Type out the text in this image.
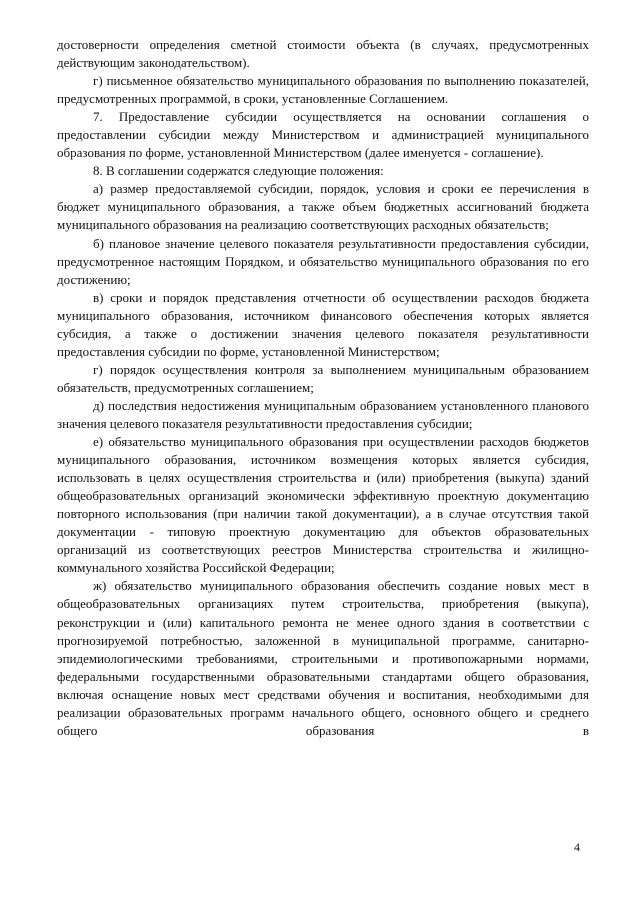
достоверности определения сметной стоимости объекта (в случаях, предусмотренных действующим законодательством).

г) письменное обязательство муниципального образования по выполнению показателей, предусмотренных программой, в сроки, установленные Соглашением.

7. Предоставление субсидии осуществляется на основании соглашения о предоставлении субсидии между Министерством и администрацией муниципального образования по форме, установленной Министерством (далее именуется - соглашение).

8. В соглашении содержатся следующие положения:

а) размер предоставляемой субсидии, порядок, условия и сроки ее перечисления в бюджет муниципального образования, а также объем бюджетных ассигнований бюджета муниципального образования на реализацию соответствующих расходных обязательств;

б) плановое значение целевого показателя результативности предоставления субсидии, предусмотренное настоящим Порядком, и обязательство муниципального образования по его достижению;

в) сроки и порядок представления отчетности об осуществлении расходов бюджета муниципального образования, источником финансового обеспечения которых является субсидия, а также о достижении значения целевого показателя результативности предоставления субсидии по форме, установленной Министерством;

г) порядок осуществления контроля за выполнением муниципальным образованием обязательств, предусмотренных соглашением;

д) последствия недостижения муниципальным образованием установленного планового значения целевого показателя результативности предоставления субсидии;

е) обязательство муниципального образования при осуществлении расходов бюджетов муниципального образования, источником возмещения которых является субсидия, использовать в целях осуществления строительства и (или) приобретения (выкупа) зданий общеобразовательных организаций экономически эффективную проектную документацию повторного использования (при наличии такой документации), а в случае отсутствия такой документации - типовую проектную документацию для объектов образовательных организаций из соответствующих реестров Министерства строительства и жилищно-коммунального хозяйства Российской Федерации;

ж) обязательство муниципального образования обеспечить создание новых мест в общеобразовательных организациях путем строительства, приобретения (выкупа), реконструкции и (или) капитального ремонта не менее одного здания в соответствии с прогнозируемой потребностью, заложенной в муниципальной программе, санитарно-эпидемиологическими требованиями, строительными и противопожарными нормами, федеральными государственными образовательными стандартами общего образования, включая оснащение новых мест средствами обучения и воспитания, необходимыми для реализации образовательных программ начального общего, основного общего и среднего общего образования в

4
